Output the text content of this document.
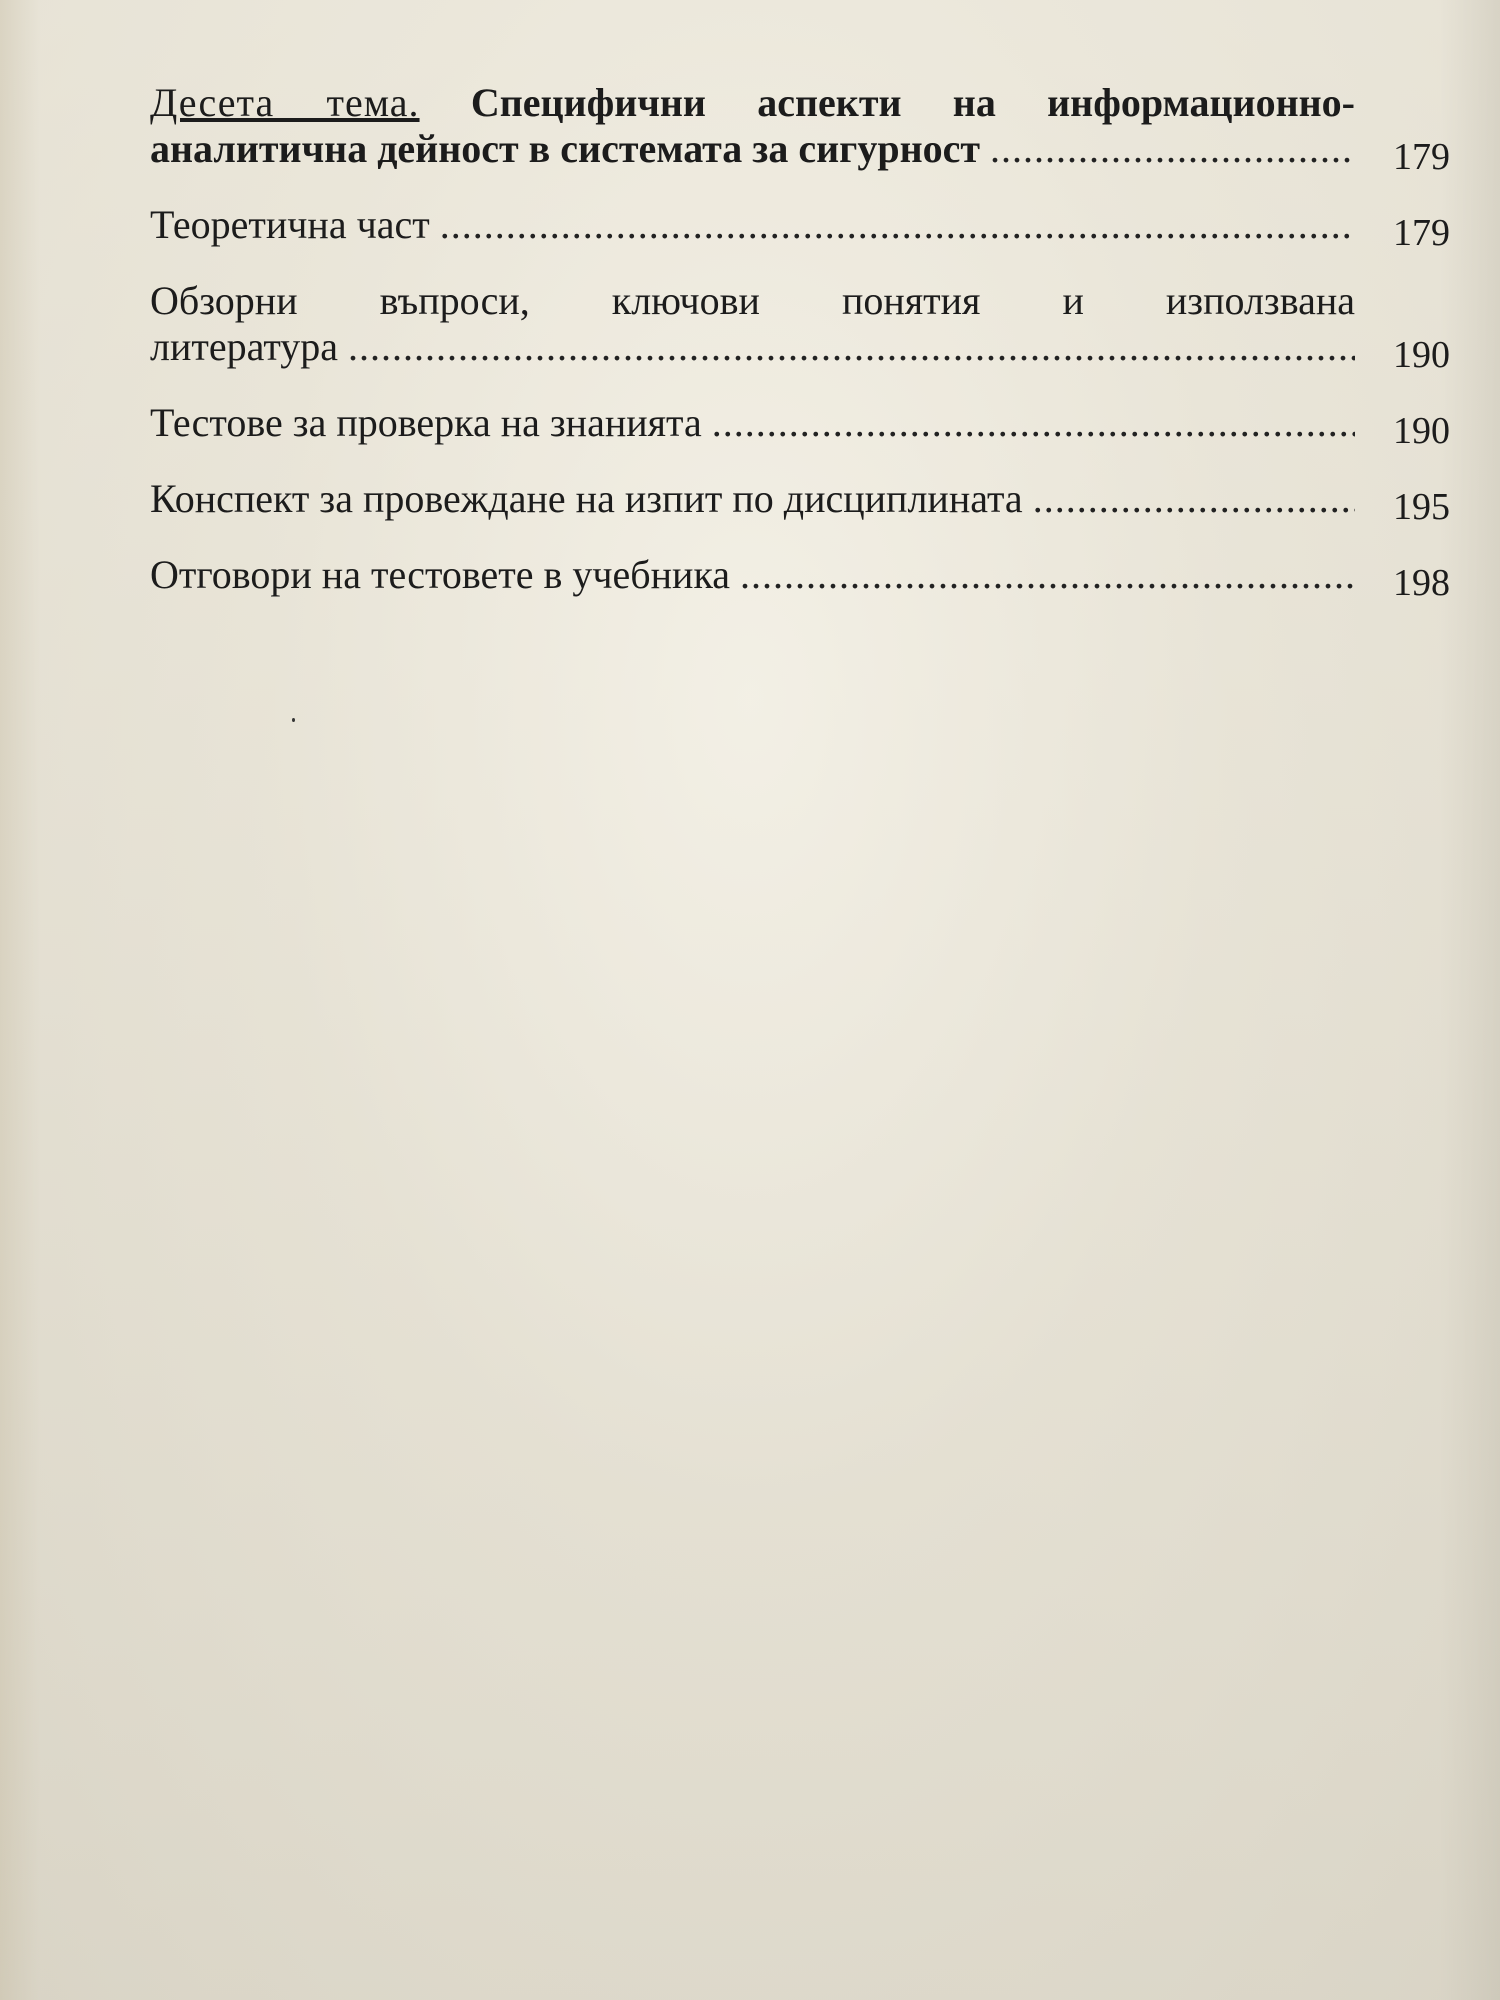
Десета тема. Специфични аспекти на информационно-
аналитична дейност в системата за сигурност .....	179
Теоретична част .....	179
Обзорни въпроси, ключови понятия и използвана
литература .....	190
Тестове за проверка на знанията .....	190
Конспект за провеждане на изпит по дисциплината .....	195
Отговори на тестовете в учебника .....	198
